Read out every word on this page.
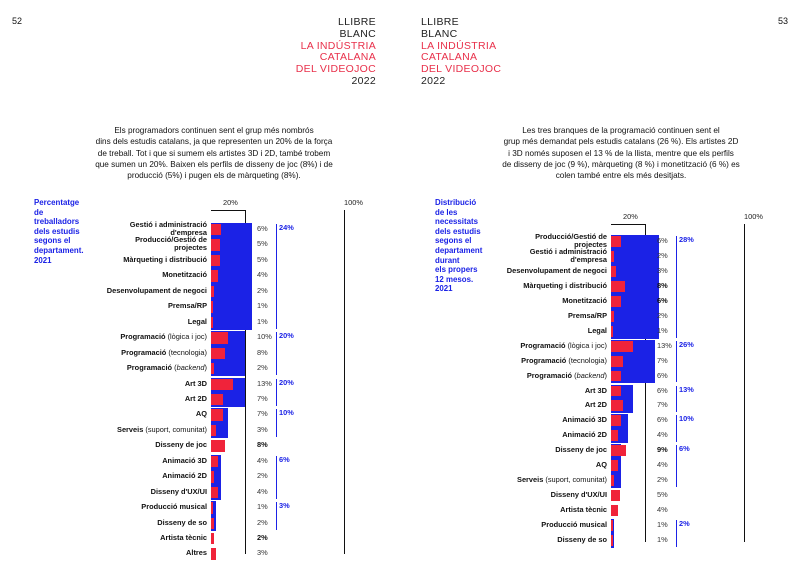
52	53
LLIBRE
BLANC
LA INDÚSTRIA
CATALANA
DEL VIDEOJOC
2022
LLIBRE
BLANC
LA INDÚSTRIA
CATALANA
DEL VIDEOJOC
2022
Els programadors continuen sent el grup més nombrós
dins dels estudis catalans, ja que representen un 20% de la força
de treball. Tot i que si sumem els artistes 3D i 2D, també trobem
que sumen un 20%. Baixen els perfils de disseny de joc (8%) i de
producció (5%) i pugen els de màrqueting (8%).
Les tres branques de la programació continuen sent el
grup més demandat pels estudis catalans (26 %). Els artistes 2D
i 3D només suposen el 13 % de la llista, mentre que els perfils
de disseny de joc (9 %), màrqueting (8 %) i monetització (6 %) es
colen també entre els més desitjats.
Percentatge
de
treballadors
dels estudis
segons el
departament.
2021
20%	100%
24%
20%
20%
10%
6%
3%
Gestió i administració
d'empresa	6%
Producció/Gestió de
projectes	5%
Màrqueting i distribució	5%
Monetització	4%
Desenvolupament de negoci	2%
Premsa/RP	1%
Legal	1%
Programació (lògica i joc)	10%
Programació (tecnologia)	8%
Programació (backend)	2%
Art 3D	13%
Art 2D	7%
AQ	7%
Serveis (suport, comunitat)	3%
Disseny de joc	8%
Animació 3D	4%
Animació 2D	2%
Disseny d'UX/UI	4%
Producció musical	1%
Disseny de so	2%
Artista tècnic	2%
Altres	3%
Distribució
de les
necessitats
dels estudis
segons el
departament
durant
els propers
12 mesos.
2021
20%	100%
28%
26%
13%
10%
6%
2%
Producció/Gestió de
projectes	6%
Gestió i administració
d'empresa	2%
Desenvolupament de negoci	3%
Màrqueting i distribució	8%
Monetització	6%
Premsa/RP	2%
Legal	1%
Programació (lògica i joc)	13%
Programació (tecnologia)	7%
Programació (backend)	6%
Art 3D	6%
Art 2D	7%
Animació 3D	6%
Animació 2D	4%
Disseny de joc	9%
AQ	4%
Serveis (suport, comunitat)	2%
Disseny d'UX/UI	5%
Artista tècnic	4%
Producció musical	1%
Disseny de so	1%
